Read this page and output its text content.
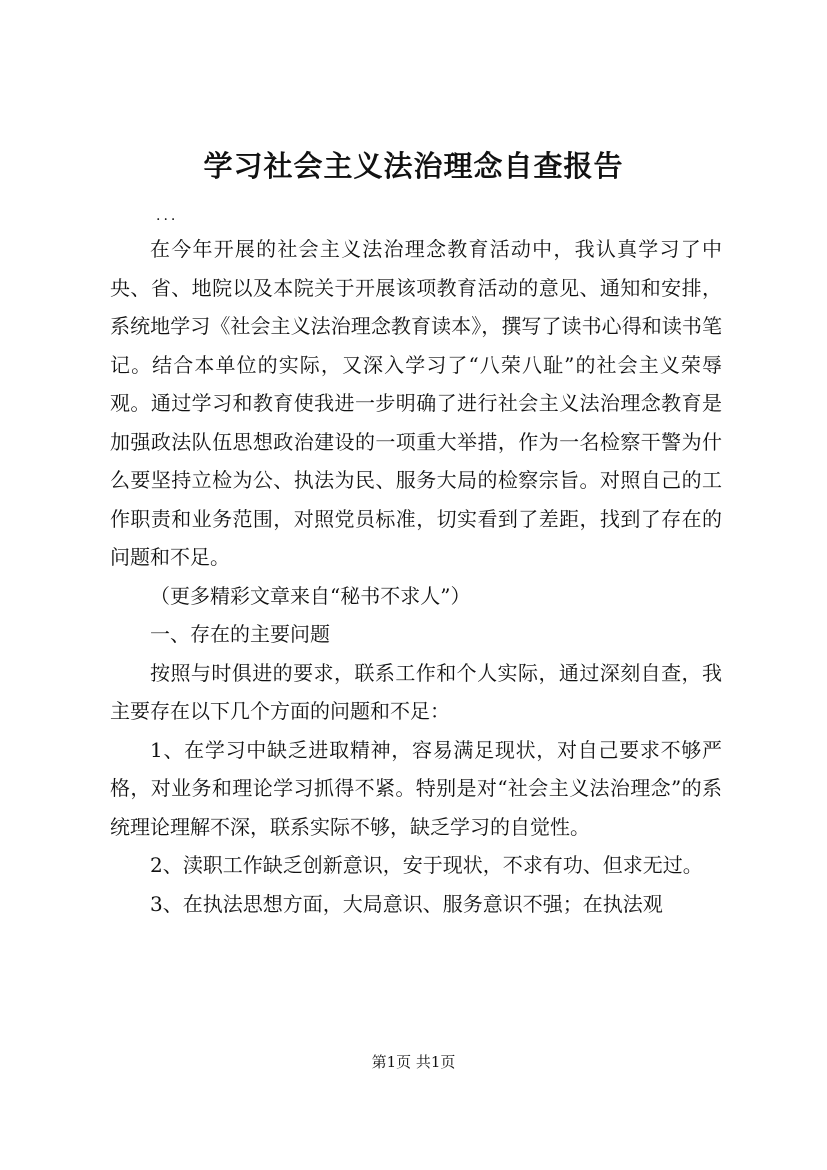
学习社会主义法治理念自查报告
...

在今年开展的社会主义法治理念教育活动中，我认真学习了中央、省、地院以及本院关于开展该项教育活动的意见、通知和安排，系统地学习《社会主义法治理念教育读本》，撰写了读书心得和读书笔记。结合本单位的实际，又深入学习了“八荣八耻”的社会主义荣辱观。通过学习和教育使我进一步明确了进行社会主义法治理念教育是加强政法队伍思想政治建设的一项重大举措，作为一名检察干警为什么要坚持立检为公、执法为民、服务大局的检察宗旨。对照自己的工作职责和业务范围，对照党员标准，切实看到了差距，找到了存在的问题和不足。

（更多精彩文章来自“秘书不求人”）

一、存在的主要问题

按照与时俱进的要求，联系工作和个人实际，通过深刻自查，我主要存在以下几个方面的问题和不足：

1、在学习中缺乏进取精神，容易满足现状，对自己要求不够严格，对业务和理论学习抓得不紧。特别是对“社会主义法治理念”的系统理论理解不深，联系实际不够，缺乏学习的自觉性。

2、渎职工作缺乏创新意识，安于现状，不求有功、但求无过。

3、在执法思想方面，大局意识、服务意识不强；在执法观

第1页 共1页
